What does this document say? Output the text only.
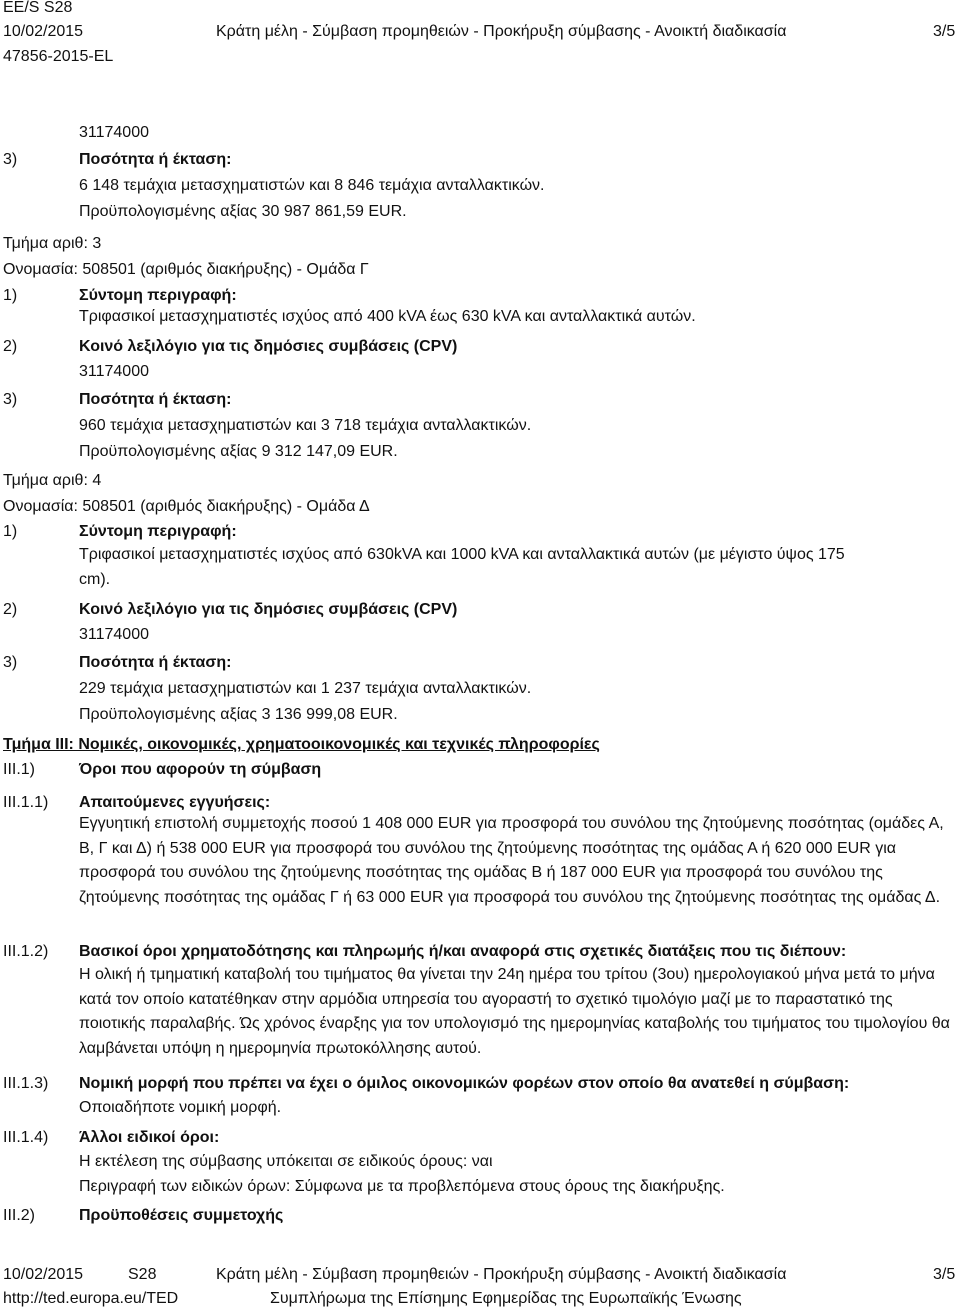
EE/S S28
10/02/2015
47856-2015-EL
Κράτη μέλη - Σύμβαση προμηθειών - Προκήρυξη σύμβασης - Ανοικτή διαδικασία	3/5
31174000
3)	Ποσότητα ή έκταση:
6 148 τεμάχια μετασχηματιστών και 8 846 τεμάχια ανταλλακτικών.
Προϋπολογισμένης αξίας 30 987 861,59 EUR.
Τμήμα αριθ: 3
Ονομασία: 508501 (αριθμός διακήρυξης) - Ομάδα Γ
1)	Σύντομη περιγραφή:
Τριφασικοί μετασχηματιστές ισχύος από 400 kVA έως 630 kVA και ανταλλακτικά αυτών.
2)	Κοινό λεξιλόγιο για τις δημόσιες συμβάσεις (CPV)
31174000
3)	Ποσότητα ή έκταση:
960 τεμάχια μετασχηματιστών και 3 718 τεμάχια ανταλλακτικών.
Προϋπολογισμένης αξίας 9 312 147,09 EUR.
Τμήμα αριθ: 4
Ονομασία: 508501 (αριθμός διακήρυξης) - Ομάδα Δ
1)	Σύντομη περιγραφή:
Τριφασικοί μετασχηματιστές ισχύος από 630kVA και 1000 kVA και ανταλλακτικά αυτών (με μέγιστο ύψος 175
cm).
2)	Κοινό λεξιλόγιο για τις δημόσιες συμβάσεις (CPV)
31174000
3)	Ποσότητα ή έκταση:
229 τεμάχια μετασχηματιστών και 1 237 τεμάχια ανταλλακτικών.
Προϋπολογισμένης αξίας 3 136 999,08 EUR.
Τμήμα III: Νομικές, οικονομικές, χρηματοοικονομικές και τεχνικές πληροφορίες
III.1)	Όροι που αφορούν τη σύμβαση
III.1.1) Απαιτούμενες εγγυήσεις:
Εγγυητική επιστολή συμμετοχής ποσού 1 408 000 EUR για προσφορά του συνόλου της ζητούμενης ποσότητας (ομάδες Α, Β, Γ και Δ) ή 538 000 EUR για προσφορά του συνόλου της ζητούμενης ποσότητας της ομάδας Α ή 620 000 EUR για προσφορά του συνόλου της ζητούμενης ποσότητας της ομάδας Β ή 187 000 EUR για προσφορά του συνόλου της ζητούμενης ποσότητας της ομάδας Γ ή 63 000 EUR για προσφορά του συνόλου της ζητούμενης ποσότητας της ομάδας Δ.
III.1.2) Βασικοί όροι χρηματοδότησης και πληρωμής ή/και αναφορά στις σχετικές διατάξεις που τις διέπουν:
Η ολική ή τμηματική καταβολή του τιμήματος θα γίνεται την 24η ημέρα του τρίτου (3ου) ημερολογιακού μήνα μετά το μήνα κατά τον οποίο κατατέθηκαν στην αρμόδια υπηρεσία του αγοραστή το σχετικό τιμολόγιο μαζί με το παραστατικό της ποιοτικής παραλαβής. Ώς χρόνος έναρξης για τον υπολογισμό της ημερομηνίας καταβολής του τιμήματος του τιμολογίου θα λαμβάνεται υπόψη η ημερομηνία πρωτοκόλλησης αυτού.
III.1.3) Νομική μορφή που πρέπει να έχει ο όμιλος οικονομικών φορέων στον οποίο θα ανατεθεί η σύμβαση:
Οποιαδήποτε νομική μορφή.
III.1.4) Άλλοι ειδικοί όροι:
Η εκτέλεση της σύμβασης υπόκειται σε ειδικούς όρους: ναι
Περιγραφή των ειδικών όρων: Σύμφωνα με τα προβλεπόμενα στους όρους της διακήρυξης.
III.2)	Προϋποθέσεις συμμετοχής
10/02/2015	S28
http://ted.europa.eu/TED
Κράτη μέλη - Σύμβαση προμηθειών - Προκήρυξη σύμβασης - Ανοικτή διαδικασία
Συμπλήρωμα της Επίσημης Εφημερίδας της Ευρωπαϊκής Ένωσης
3/5
